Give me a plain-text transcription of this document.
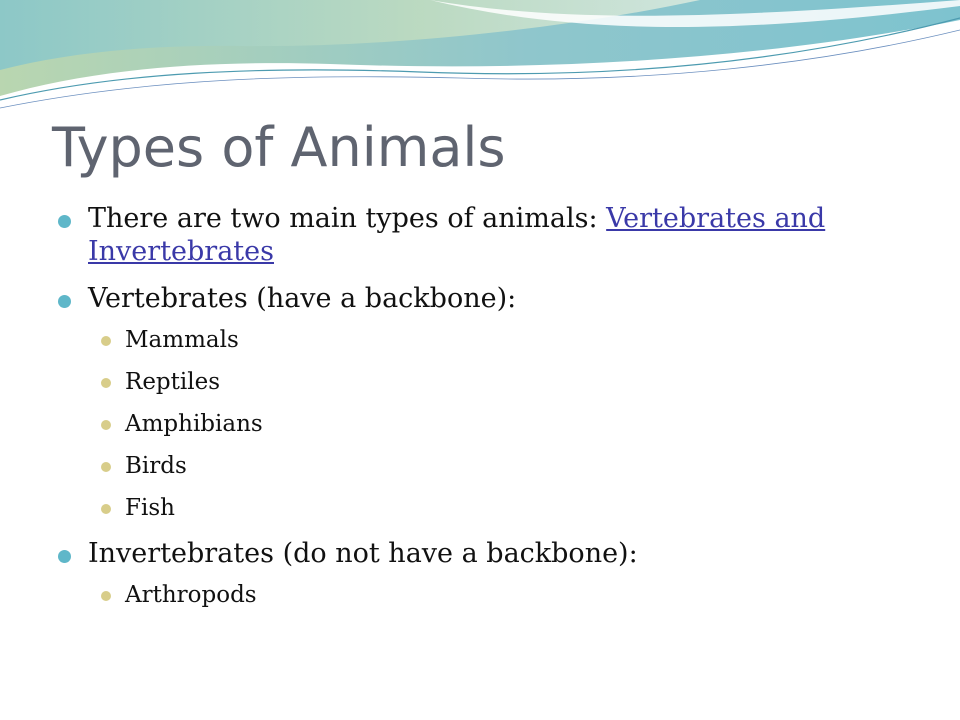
Types of Animals
There are two main types of animals: Vertebrates and Invertebrates
Vertebrates (have a backbone):
Mammals
Reptiles
Amphibians
Birds
Fish
Invertebrates (do not have a backbone):
Arthropods
